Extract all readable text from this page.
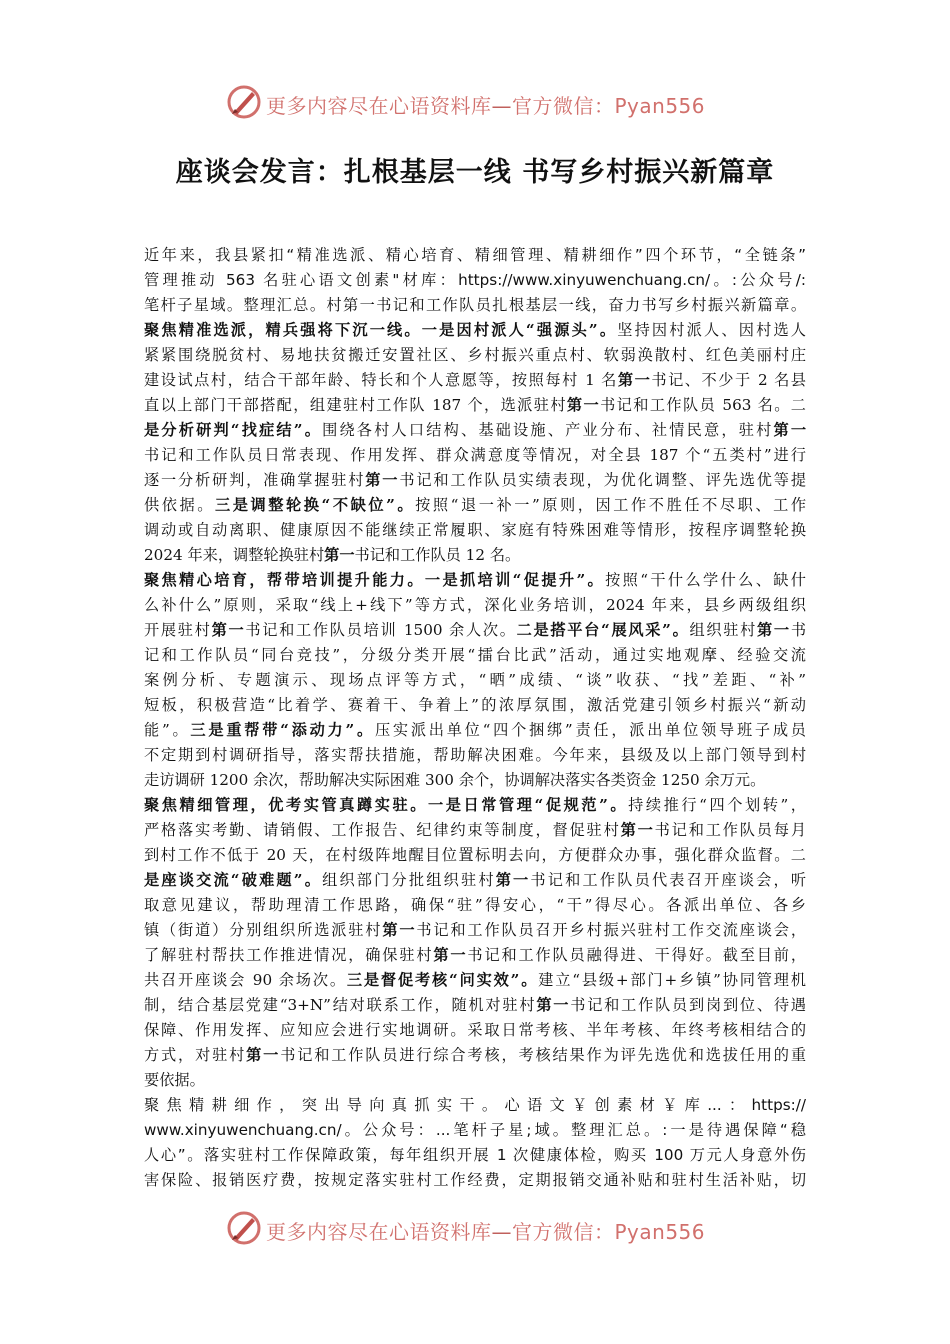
更多内容尽在心语资料库—官方微信：Pyan556
座谈会发言：扎根基层一线 书写乡村振兴新篇章
近年来，我县紧扣“精准选派、精心培育、精细管理、精耕细作”四个环节，“全链条”
管理推动 563 名驻心语文创素"材库：https://www.xinyuwenchuang.cn/。:公众号/:
笔杆子星域。整理汇总。村第一书记和工作队员扎根基层一线，奋力书写乡村振兴新篇章。
聚焦精准选派，精兵强将下沉一线。一是因村派人“强源头”。坚持因村派人、因村选人
紧紧围绕脱贫村、易地扶贫搬迁安置社区、乡村振兴重点村、软弱涣散村、红色美丽村庄
建设试点村，结合干部年龄、特长和个人意愿等，按照每村 1 名第一书记、不少于 2 名县
直以上部门干部搭配，组建驻村工作队 187 个，选派驻村第一书记和工作队员 563 名。二
是分析研判“找症结”。围绕各村人口结构、基础设施、产业分布、社情民意，驻村第一
书记和工作队员日常表现、作用发挥、群众满意度等情况，对全县 187 个“五类村”进行
逐一分析研判，准确掌握驻村第一书记和工作队员实绩表现，为优化调整、评先选优等提
供依据。三是调整轮换“不缺位”。按照“退一补一”原则，因工作不胜任不尽职、工作
调动或自动离职、健康原因不能继续正常履职、家庭有特殊困难等情形，按程序调整轮换
2024 年来，调整轮换驻村第一书记和工作队员 12 名。
聚焦精心培育，帮带培训提升能力。一是抓培训“促提升”。按照“干什么学什么、缺什
么补什么”原则，采取“线上+线下”等方式，深化业务培训，2024 年来，县乡两级组织
开展驻村第一书记和工作队员培训 1500 余人次。二是搭平台“展风采”。组织驻村第一书
记和工作队员“同台竞技”，分级分类开展“擂台比武”活动，通过实地观摩、经验交流
案例分析、专题演示、现场点评等方式，“晒”成绩、“谈”收获、“找”差距、“补”
短板，积极营造“比着学、赛着干、争着上”的浓厚氛围，激活党建引领乡村振兴“新动
能”。三是重帮带“添动力”。压实派出单位“四个捆绑”责任，派出单位领导班子成员
不定期到村调研指导，落实帮扶措施，帮助解决困难。今年来，县级及以上部门领导到村
走访调研 1200 余次，帮助解决实际困难 300 余个，协调解决落实各类资金 1250 余万元。
聚焦精细管理，优考实管真蹲实驻。一是日常管理“促规范”。持续推行“四个划转”，
严格落实考勤、请销假、工作报告、纪律约束等制度，督促驻村第一书记和工作队员每月
到村工作不低于 20 天，在村级阵地醒目位置标明去向，方便群众办事，强化群众监督。二
是座谈交流“破难题”。组织部门分批组织驻村第一书记和工作队员代表召开座谈会，听
取意见建议，帮助理清工作思路，确保“驻”得安心，“干”得尽心。各派出单位、各乡
镇（街道）分别组织所选派驻村第一书记和工作队员召开乡村振兴驻村工作交流座谈会，
了解驻村帮扶工作推进情况，确保驻村第一书记和工作队员融得进、干得好。截至目前，
共召开座谈会 90 余场次。三是督促考核“问实效”。建立“县级+部门+乡镇”协同管理机
制，结合基层党建“3+N”结对联系工作，随机对驻村第一书记和工作队员到岗到位、待遇
保障、作用发挥、应知应会进行实地调研。采取日常考核、半年考核、年终考核相结合的
方式，对驻村第一书记和工作队员进行综合考核，考核结果作为评先选优和选拔任用的重
要依据。
聚焦精耕细作，突出导向真抓实干。心语文￥创素材￥库...：https://
www.xinyuwenchuang.cn/。公众号：...笔杆子星;域。整理汇总。:一是待遇保障“稳
人心”。落实驻村工作保障政策，每年组织开展 1 次健康体检，购买 100 万元人身意外伤
害保险、报销医疗费，按规定落实驻村工作经费，定期报销交通补贴和驻村生活补贴，切
更多内容尽在心语资料库—官方微信：Pyan556
